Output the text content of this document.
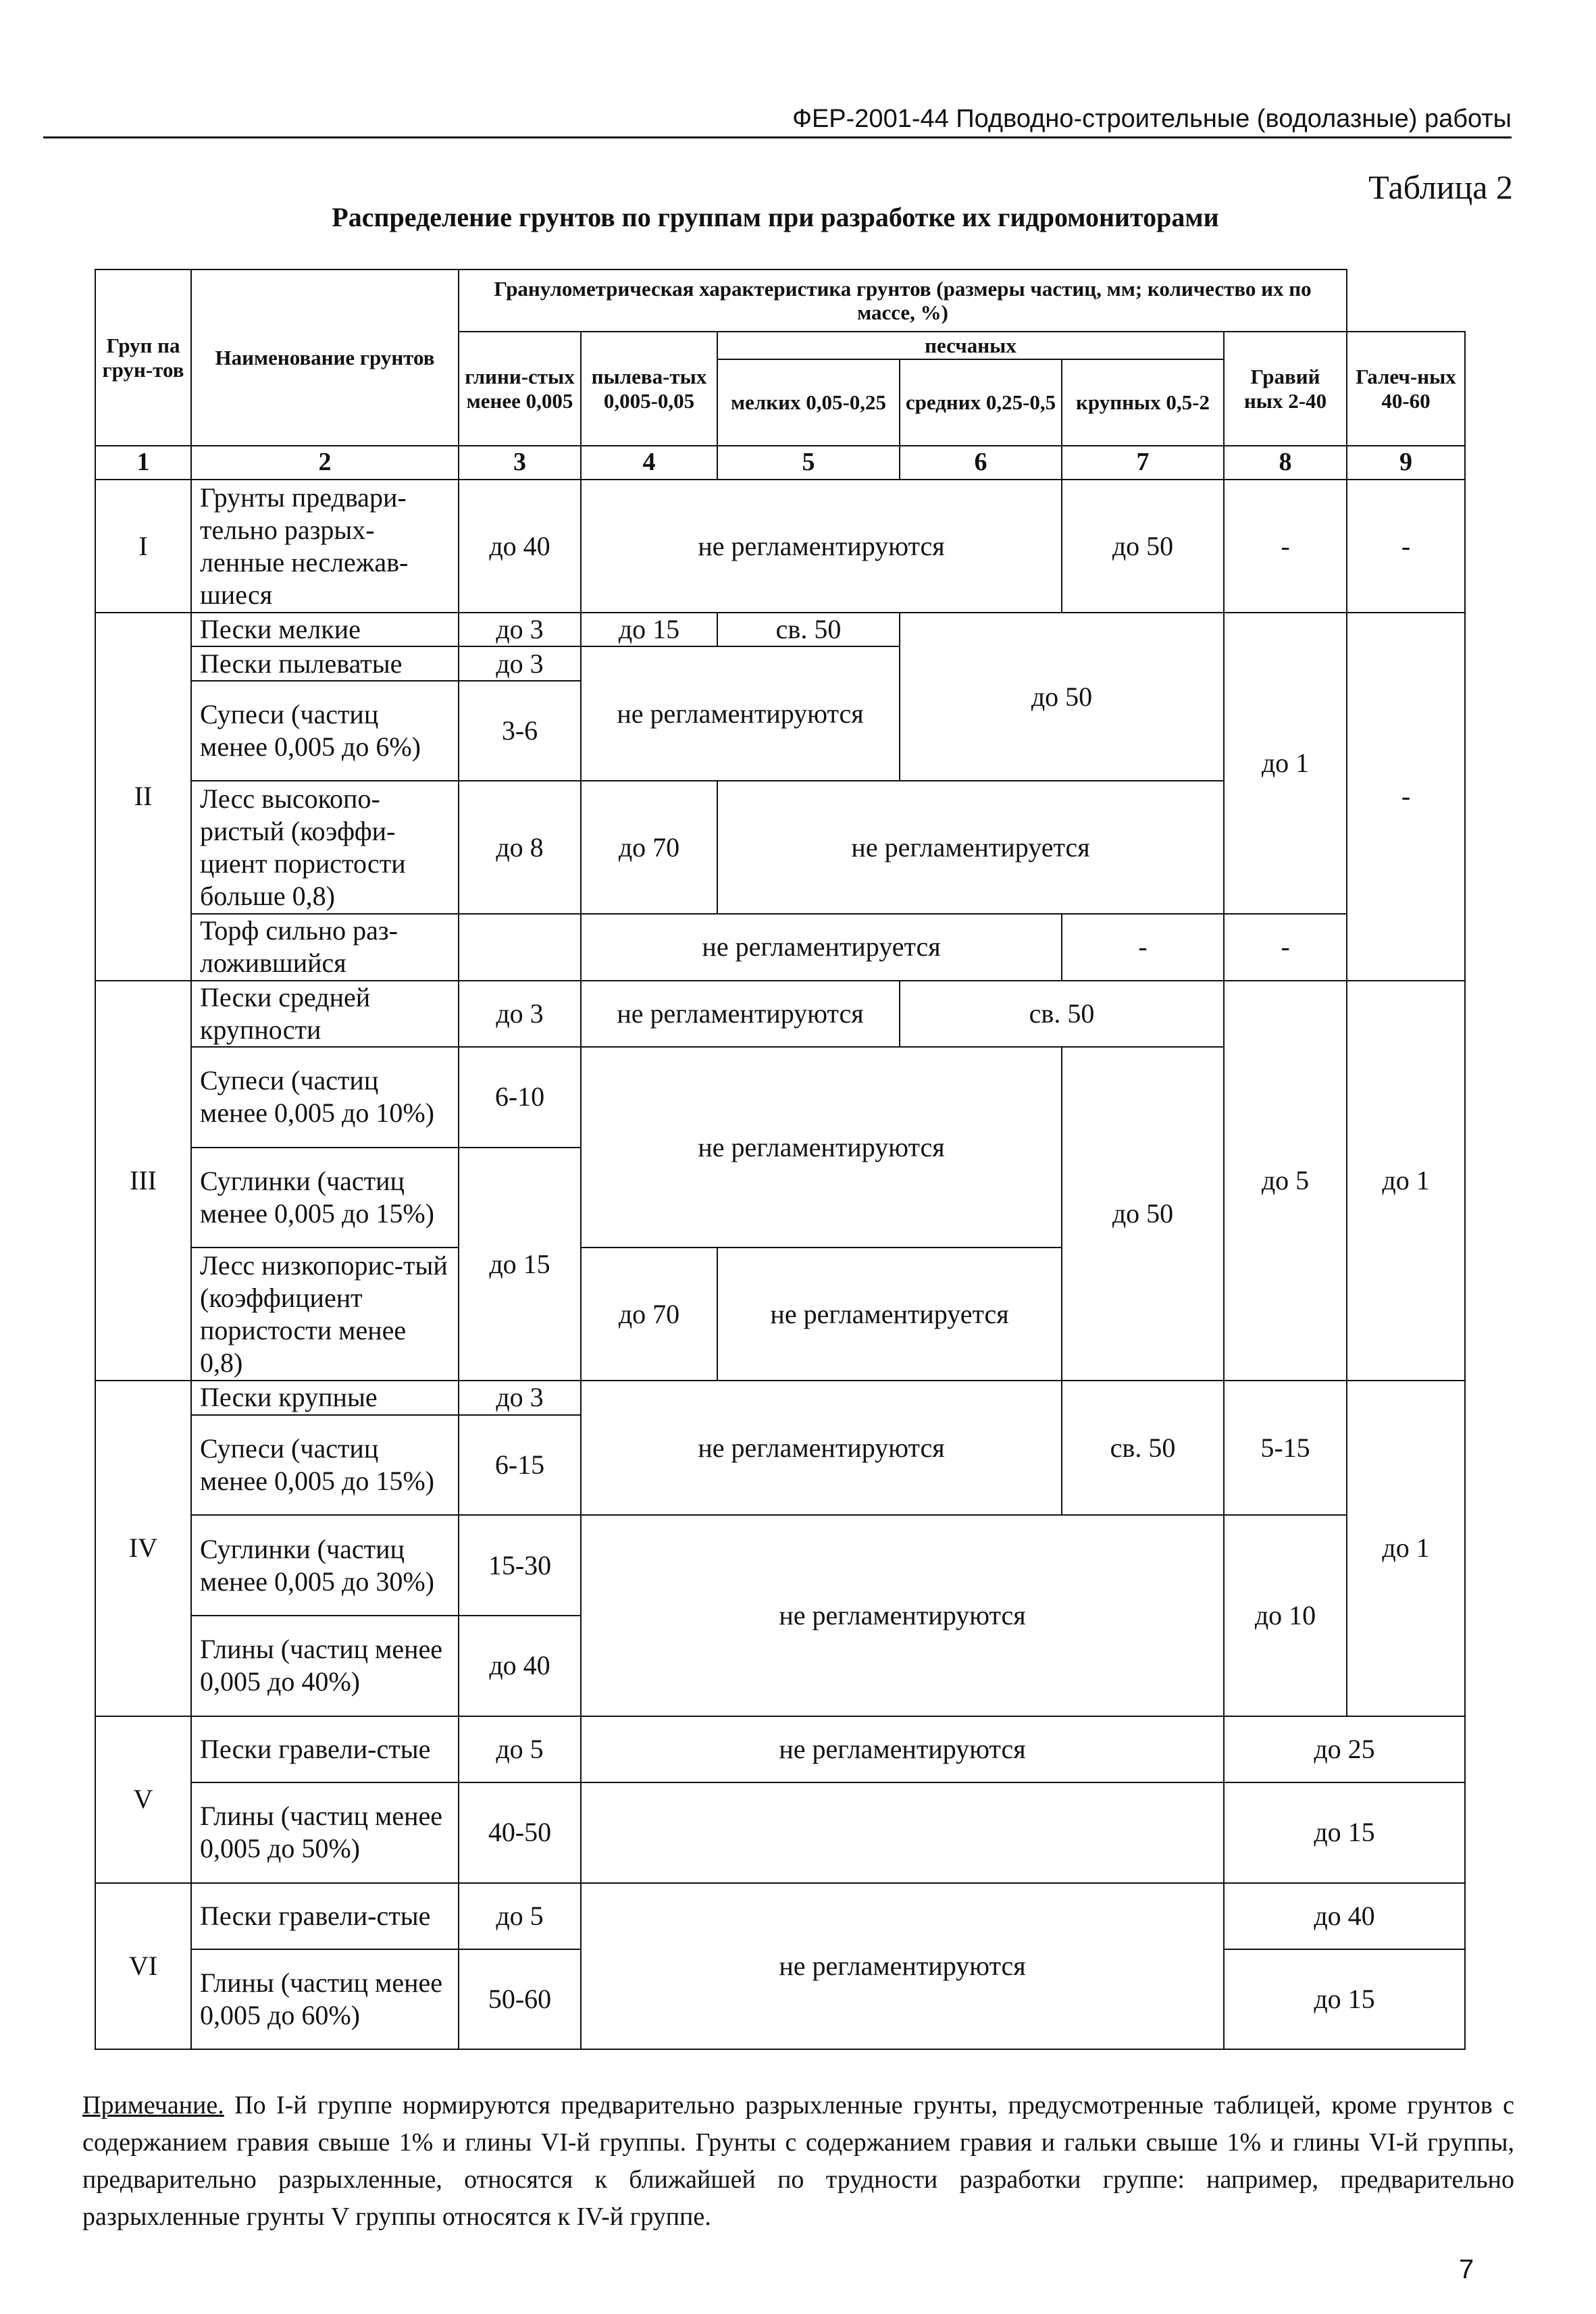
ФЕР-2001-44 Подводно-строительные (водолазные) работы
Таблица 2
Распределение грунтов по группам при разработке их гидромониторами
Груп па грун-тов	Наименование грунтов	Гранулометрическая характеристика грунтов (размеры частиц, мм; количество их по массе, %)						
		глини-стых менее 0,005	пылева-тых 0,005-0,05	песчаных			Гравий ных 2-40	Галеч-ных 40-60
				мелких 0,05-0,25	средних 0,25-0,5	крупных 0,5-2		
1	2	3	4	5	6	7	8	9
I	Грунты предвари-тельно разрых-ленные неслежав-шиеся	до 40	не регламентируются			до 50	-	-
II	Пески мелкие	до 3	до 15	св. 50	до 50		до 1	-
	Пески пылеватые	до 3	не регламентируются					
	Супеси (частиц менее 0,005 до 6%)	3-6						
	Лесс высокопо-ристый (коэффи-циент пористости больше 0,8)	до 8	до 70	не регламентируется				
	Торф сильно раз-ложившийся		не регламентируется			-	-	
III	Пески средней крупности	до 3	не регламентируются		св. 50		до 5	до 1
	Супеси (частиц менее 0,005 до 10%)	6-10	не регламентируются			до 50		
	Суглинки (частиц менее 0,005 до 15%)	до 15						
	Лесс низкопорис-тый (коэффициент пористости менее 0,8)		до 70	не регламентируется				
IV	Пески крупные	до 3	не регламентируются			св. 50	5-15	до 1
	Супеси (частиц менее 0,005 до 15%)	6-15						
	Суглинки (частиц менее 0,005 до 30%)	15-30	не регламентируются				до 10	
	Глины (частиц менее 0,005 до 40%)	до 40						
V	Пески гравели-стые	до 5	не регламентируются				до 25	
	Глины (частиц менее 0,005 до 50%)	40-50					до 15	
VI	Пески гравели-стые	до 5	не регламентируются				до 40	
	Глины (частиц менее 0,005 до 60%)	50-60					до 15	
Примечание. По I-й группе нормируются предварительно разрыхленные грунты, предусмотренные таблицей, кроме грунтов с содержанием гравия свыше 1% и глины VI-й группы. Грунты с содержанием гравия и гальки свыше 1% и глины VI-й группы, предварительно разрыхленные, относятся к ближайшей по трудности разработки группе: например, предварительно разрыхленные грунты V группы относятся к IV-й группе.
7
